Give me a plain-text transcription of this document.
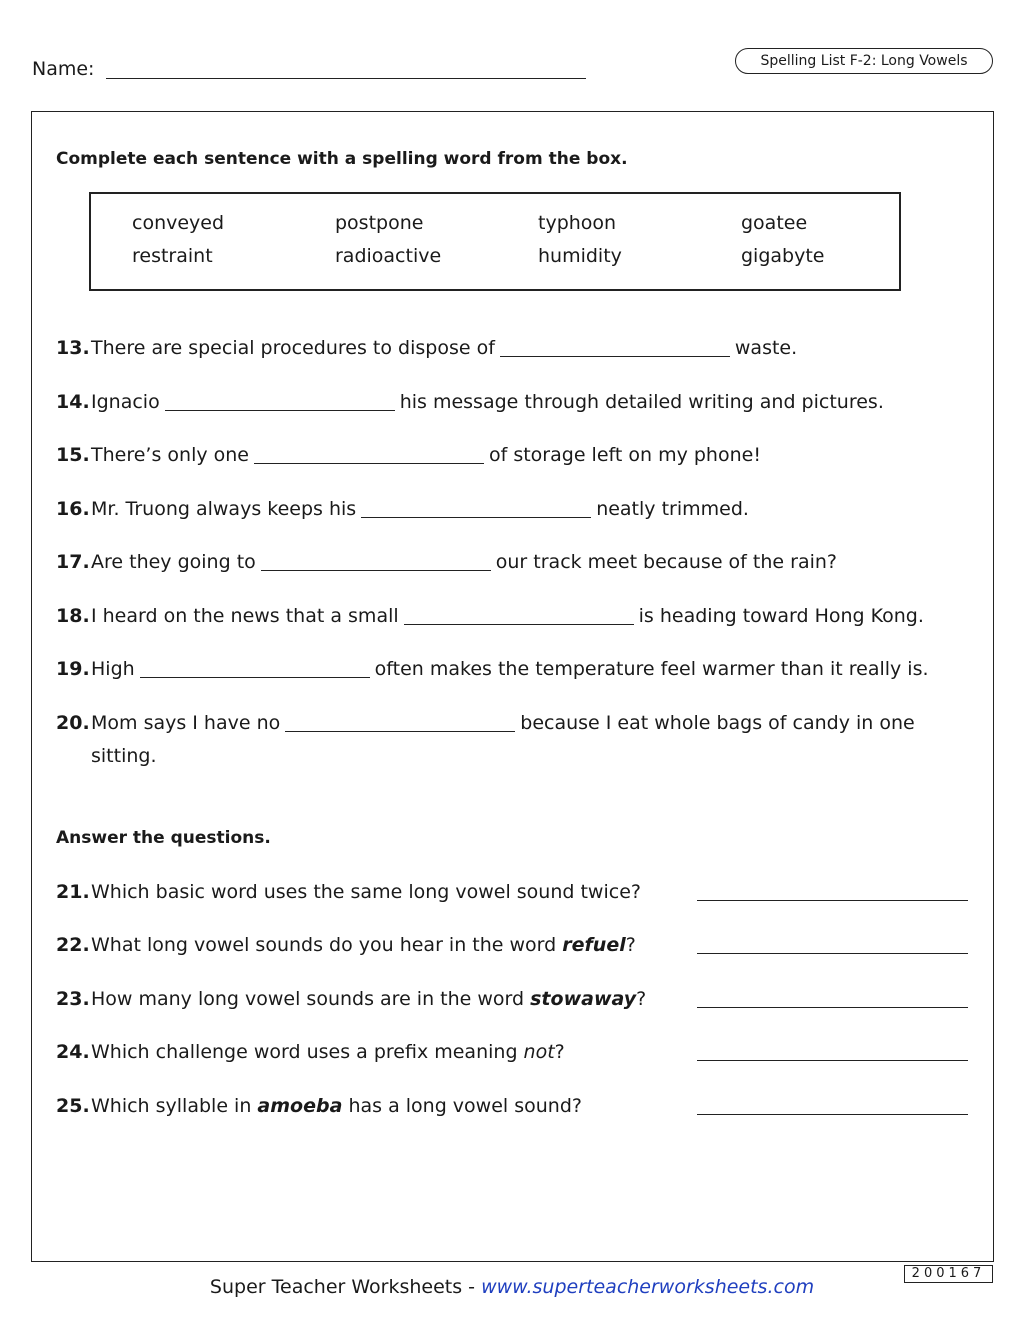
Name:	Spelling List F-2: Long Vowels
Complete each sentence with a spelling word from the box.
conveyed	postpone	typhoon	goatee
restraint	radioactive	humidity	gigabyte
13.There are special procedures to dispose of	waste.
14.Ignacio	his message through detailed writing and pictures.
15.There’s only one	of storage left on my phone!
16.Mr. Truong always keeps his	neatly trimmed.
17.Are they going to	our track meet because of the rain?
18.I heard on the news that a small	is heading toward Hong Kong.
19.High	often makes the temperature feel warmer than it really is.
20.Mom says I have no	because I eat whole bags of candy in one
sitting.
Answer the questions.
21.Which basic word uses the same long vowel sound twice?
22.What long vowel sounds do you hear in the word refuel?
23.How many long vowel sounds are in the word stowaway?
24.Which challenge word uses a prefix meaning not?
25.Which syllable in amoeba has a long vowel sound?
200167
Super Teacher Worksheets - www.superteacherworksheets.com
